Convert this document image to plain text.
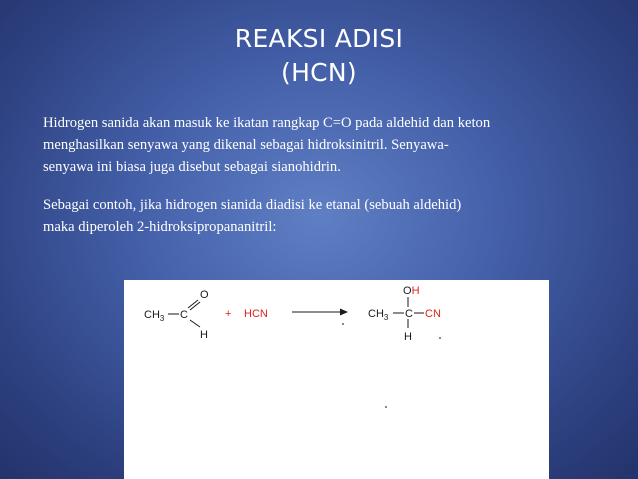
REAKSI ADISI
(HCN)

Hidrogen sanida akan masuk ke ikatan rangkap C=O pada aldehid dan keton

menghasilkan senyawa yang dikenal sebagai hidroksinitril. Senyawa-

senyawa ini biasa juga disebut sebagai sianohidrin.

Sebagai contoh, jika hidrogen sianida diadisi ke etanal (sebuah aldehid)

maka diperoleh 2-hidroksipropananitril:

$CH_3$ C
O
H
+ HCN	$CH_3$ C
OH
CN
H
